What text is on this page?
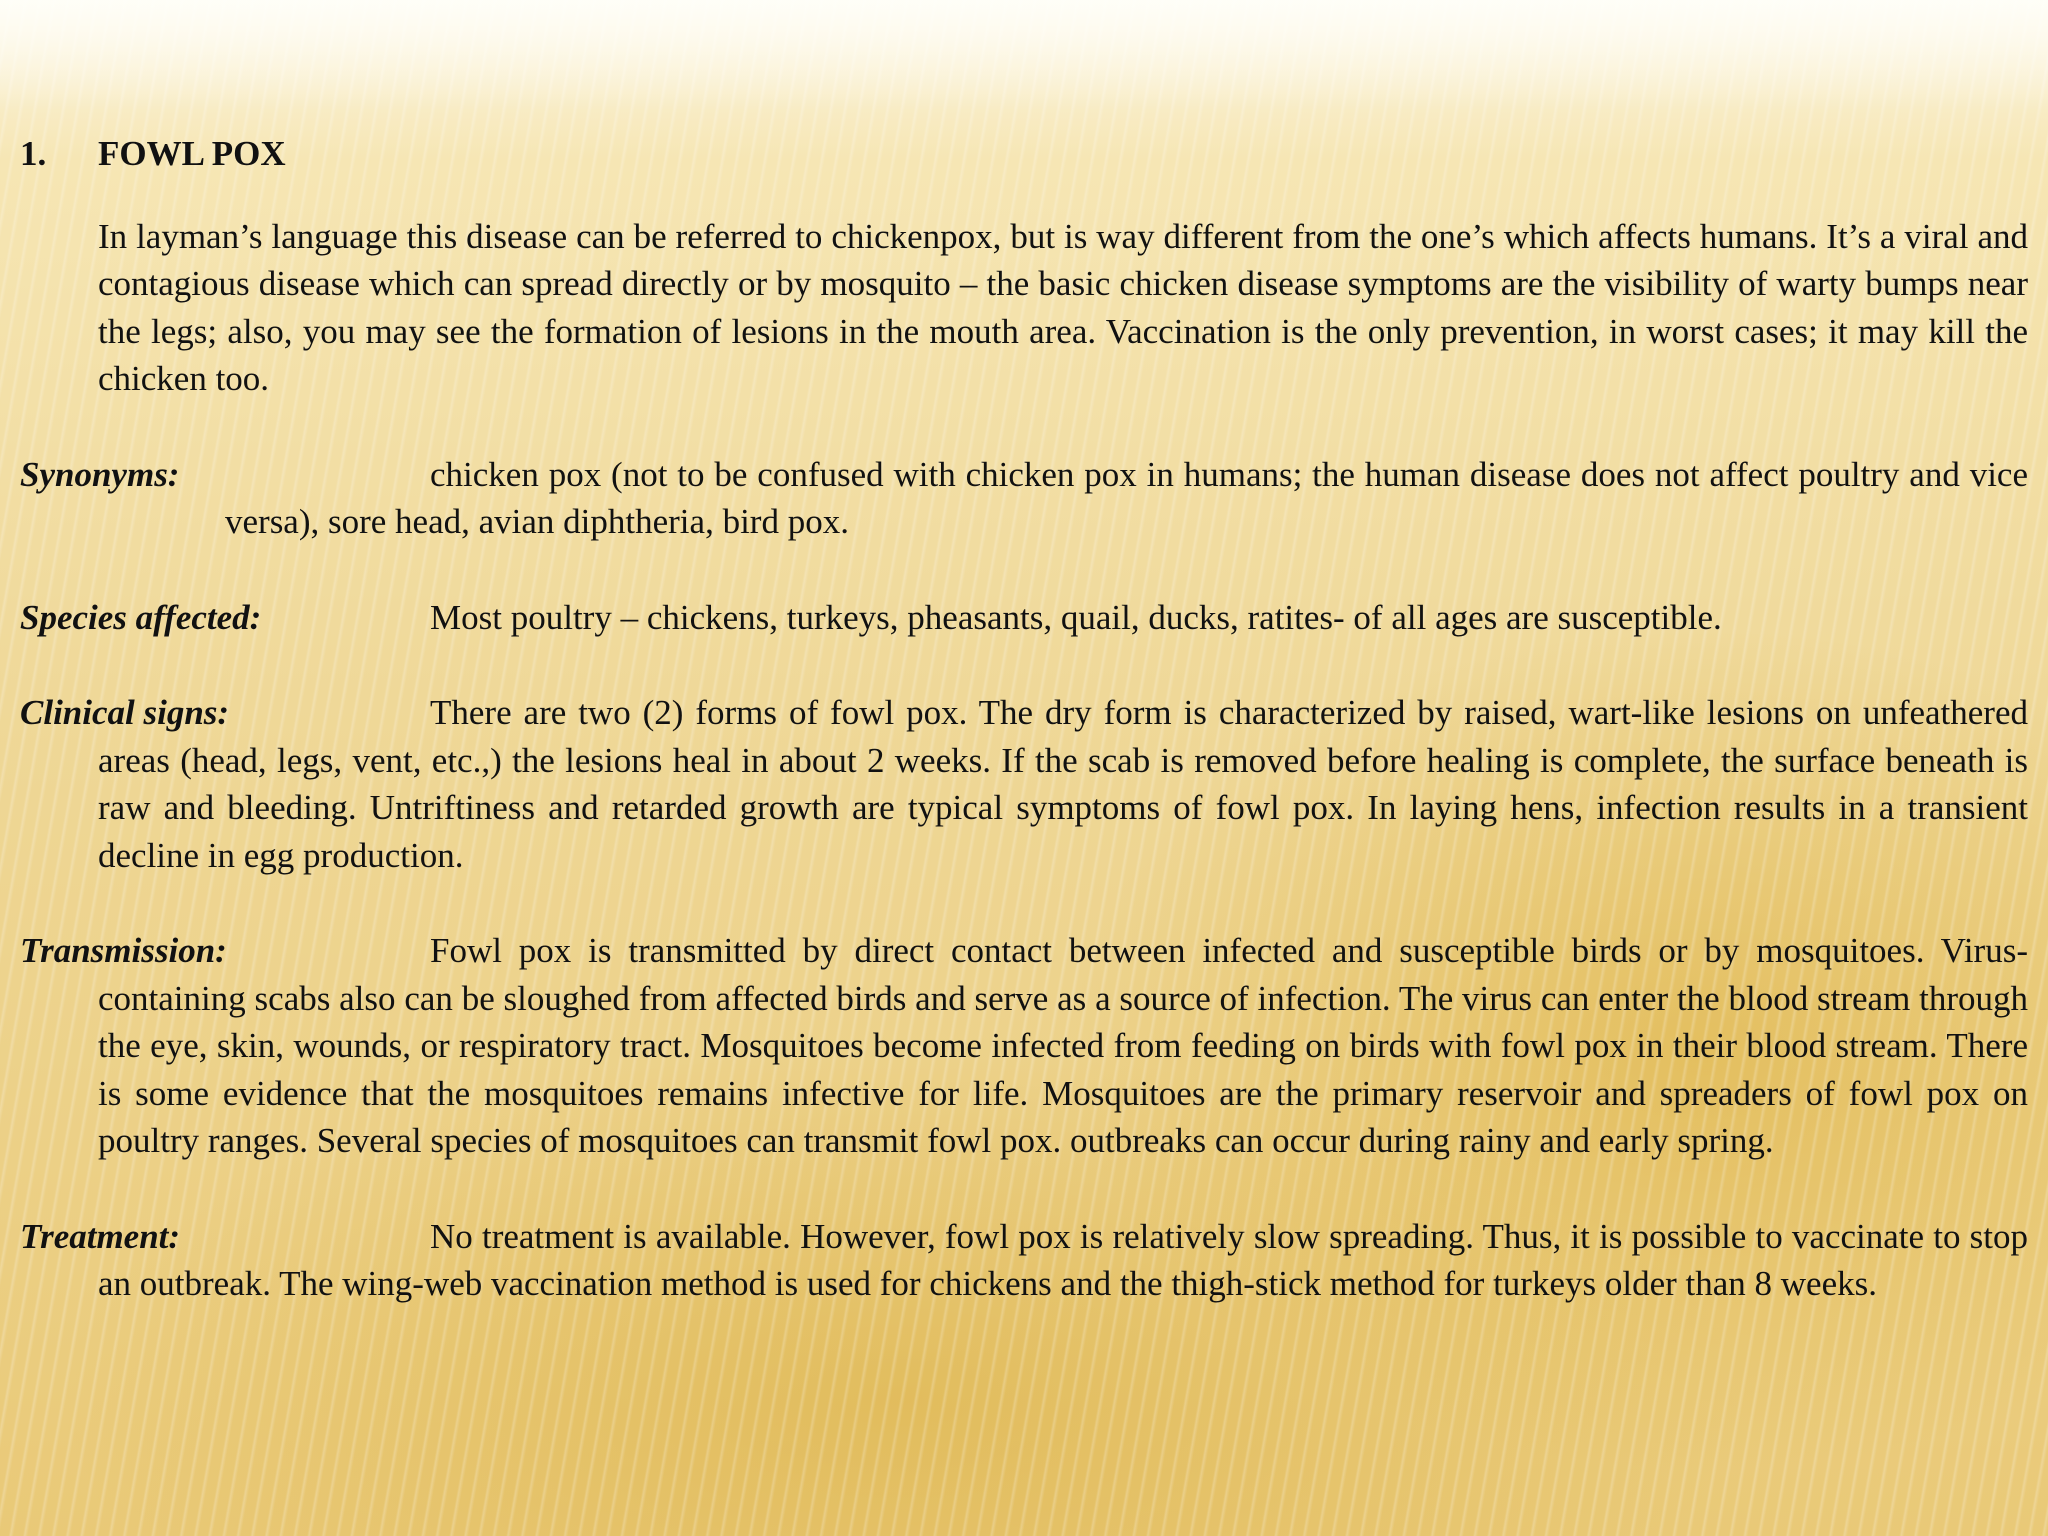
1. FOWL POX
In layman’s language this disease can be referred to chickenpox, but is way different from the one’s which affects humans. It’s a viral and contagious disease which can spread directly or by mosquito – the basic chicken disease symptoms are the visibility of warty bumps near the legs; also, you may see the formation of lesions in the mouth area. Vaccination is the only prevention, in worst cases; it may kill the chicken too.
Synonyms:	chicken pox (not to be confused with chicken pox in humans; the human disease does not affect poultry and vice versa), sore head, avian diphtheria, bird pox.
Species affected:	Most poultry – chickens, turkeys, pheasants, quail, ducks, ratites- of all ages are susceptible.
Clinical signs:	There are two (2) forms of fowl pox. The dry form is characterized by raised, wart-like lesions on unfeathered areas (head, legs, vent, etc.,) the lesions heal in about 2 weeks. If the scab is removed before healing is complete, the surface beneath is raw and bleeding. Untriftiness and retarded growth are typical symptoms of fowl pox. In laying hens, infection results in a transient decline in egg production.
Transmission:	Fowl pox is transmitted by direct contact between infected and susceptible birds or by mosquitoes. Virus-containing scabs also can be sloughed from affected birds and serve as a source of infection. The virus can enter the blood stream through the eye, skin, wounds, or respiratory tract. Mosquitoes become infected from feeding on birds with fowl pox in their blood stream. There is some evidence that the mosquitoes remains infective for life. Mosquitoes are the primary reservoir and spreaders of fowl pox on poultry ranges. Several species of mosquitoes can transmit fowl pox. outbreaks can occur during rainy and early spring.
Treatment:	No treatment is available. However, fowl pox is relatively slow spreading. Thus, it is possible to vaccinate to stop an outbreak. The wing-web vaccination method is used for chickens and the thigh-stick method for turkeys older than 8 weeks.
